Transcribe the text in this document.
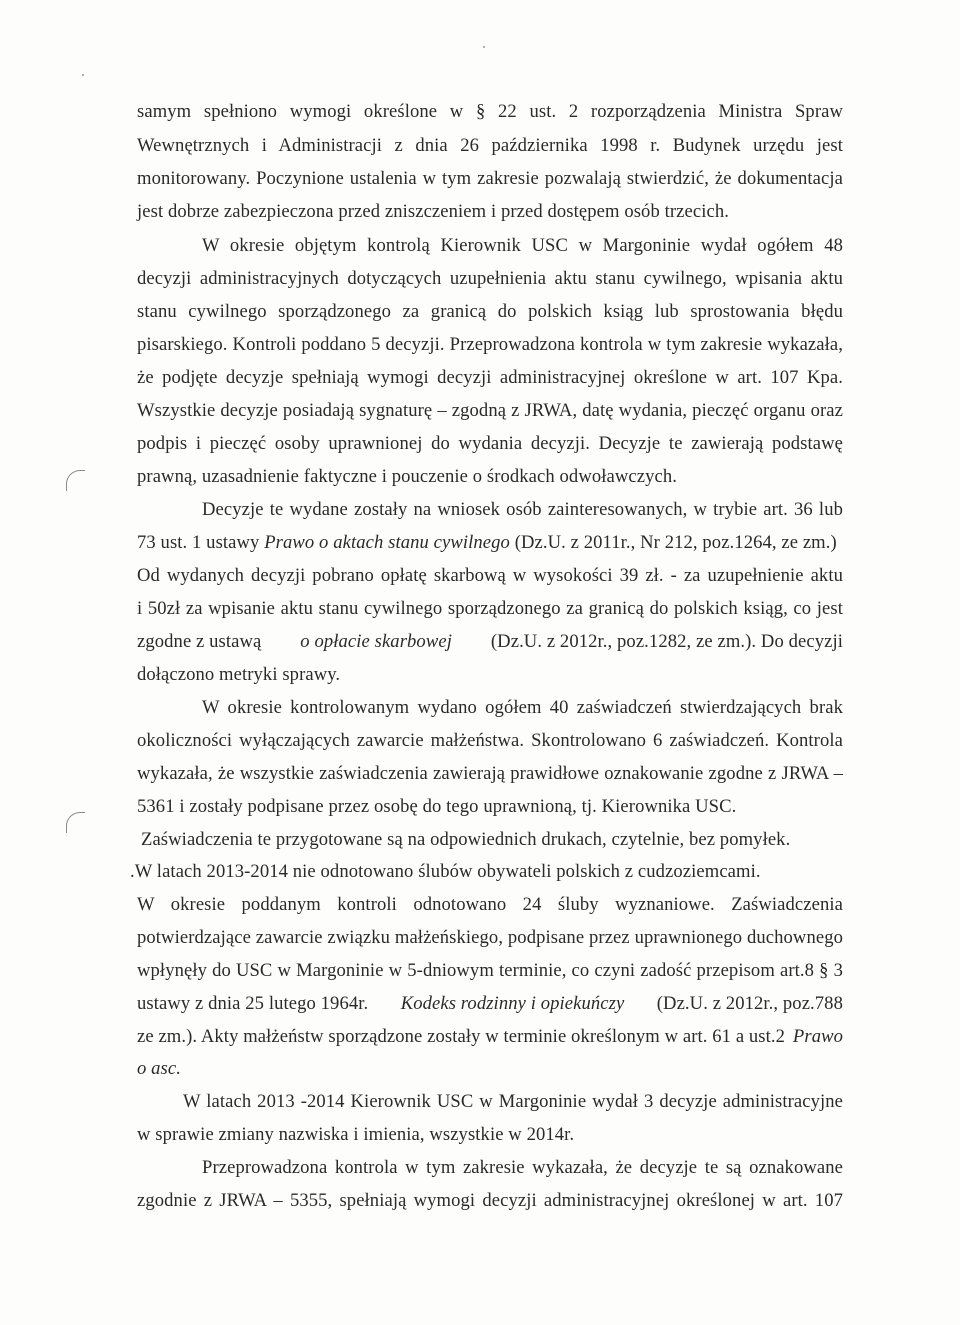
samym spełniono wymogi określone w § 22 ust. 2 rozporządzenia Ministra Spraw
Wewnętrznych i Administracji z dnia 26 października 1998 r. Budynek urzędu jest
monitorowany. Poczynione ustalenia w tym zakresie pozwalają stwierdzić, że dokumentacja
jest dobrze zabezpieczona przed zniszczeniem i przed dostępem osób trzecich.
W okresie objętym kontrolą Kierownik USC w Margoninie wydał ogółem 48
decyzji administracyjnych dotyczących uzupełnienia aktu stanu cywilnego, wpisania aktu
stanu cywilnego sporządzonego za granicą do polskich ksiąg lub sprostowania błędu
pisarskiego. Kontroli poddano 5 decyzji. Przeprowadzona kontrola w tym zakresie wykazała,
że podjęte decyzje spełniają wymogi decyzji administracyjnej określone w art. 107 Kpa.
Wszystkie decyzje posiadają sygnaturę – zgodną z JRWA, datę wydania, pieczęć organu oraz
podpis i pieczęć osoby uprawnionej do wydania decyzji. Decyzje te zawierają podstawę
prawną, uzasadnienie faktyczne i pouczenie o środkach odwoławczych.
Decyzje te wydane zostały na wniosek osób zainteresowanych, w trybie art. 36 lub
73 ust. 1 ustawy Prawo o aktach stanu cywilnego (Dz.U. z 2011r., Nr 212, poz.1264, ze zm.)
Od wydanych decyzji pobrano opłatę skarbową w wysokości 39 zł. - za uzupełnienie aktu
i 50zł za wpisanie aktu stanu cywilnego sporządzonego za granicą do polskich ksiąg, co jest
zgodne z ustawą o opłacie skarbowej (Dz.U. z 2012r., poz.1282, ze zm.). Do decyzji
dołączono metryki sprawy.
W okresie kontrolowanym wydano ogółem 40 zaświadczeń stwierdzających brak
okoliczności wyłączających zawarcie małżeństwa. Skontrolowano 6 zaświadczeń. Kontrola
wykazała, że wszystkie zaświadczenia zawierają prawidłowe oznakowanie zgodne z JRWA –
5361 i zostały podpisane przez osobę do tego uprawnioną, tj. Kierownika USC.
Zaświadczenia te przygotowane są na odpowiednich drukach, czytelnie, bez pomyłek.
.W latach 2013-2014 nie odnotowano ślubów obywateli polskich z cudzoziemcami.
W okresie poddanym kontroli odnotowano 24 śluby wyznaniowe. Zaświadczenia
potwierdzające zawarcie związku małżeńskiego, podpisane przez uprawnionego duchownego
wpłynęły do USC w Margoninie w 5-dniowym terminie, co czyni zadość przepisom art.8 § 3
ustawy z dnia 25 lutego 1964r. Kodeks rodzinny i opiekuńczy (Dz.U. z 2012r., poz.788
ze zm.). Akty małżeństw sporządzone zostały w terminie określonym w art. 61 a ust.2 Prawo
o asc.
W latach 2013 -2014 Kierownik USC w Margoninie wydał 3 decyzje administracyjne
w sprawie zmiany nazwiska i imienia, wszystkie w 2014r.
Przeprowadzona kontrola w tym zakresie wykazała, że decyzje te są oznakowane
zgodnie z JRWA – 5355, spełniają wymogi decyzji administracyjnej określonej w art. 107
